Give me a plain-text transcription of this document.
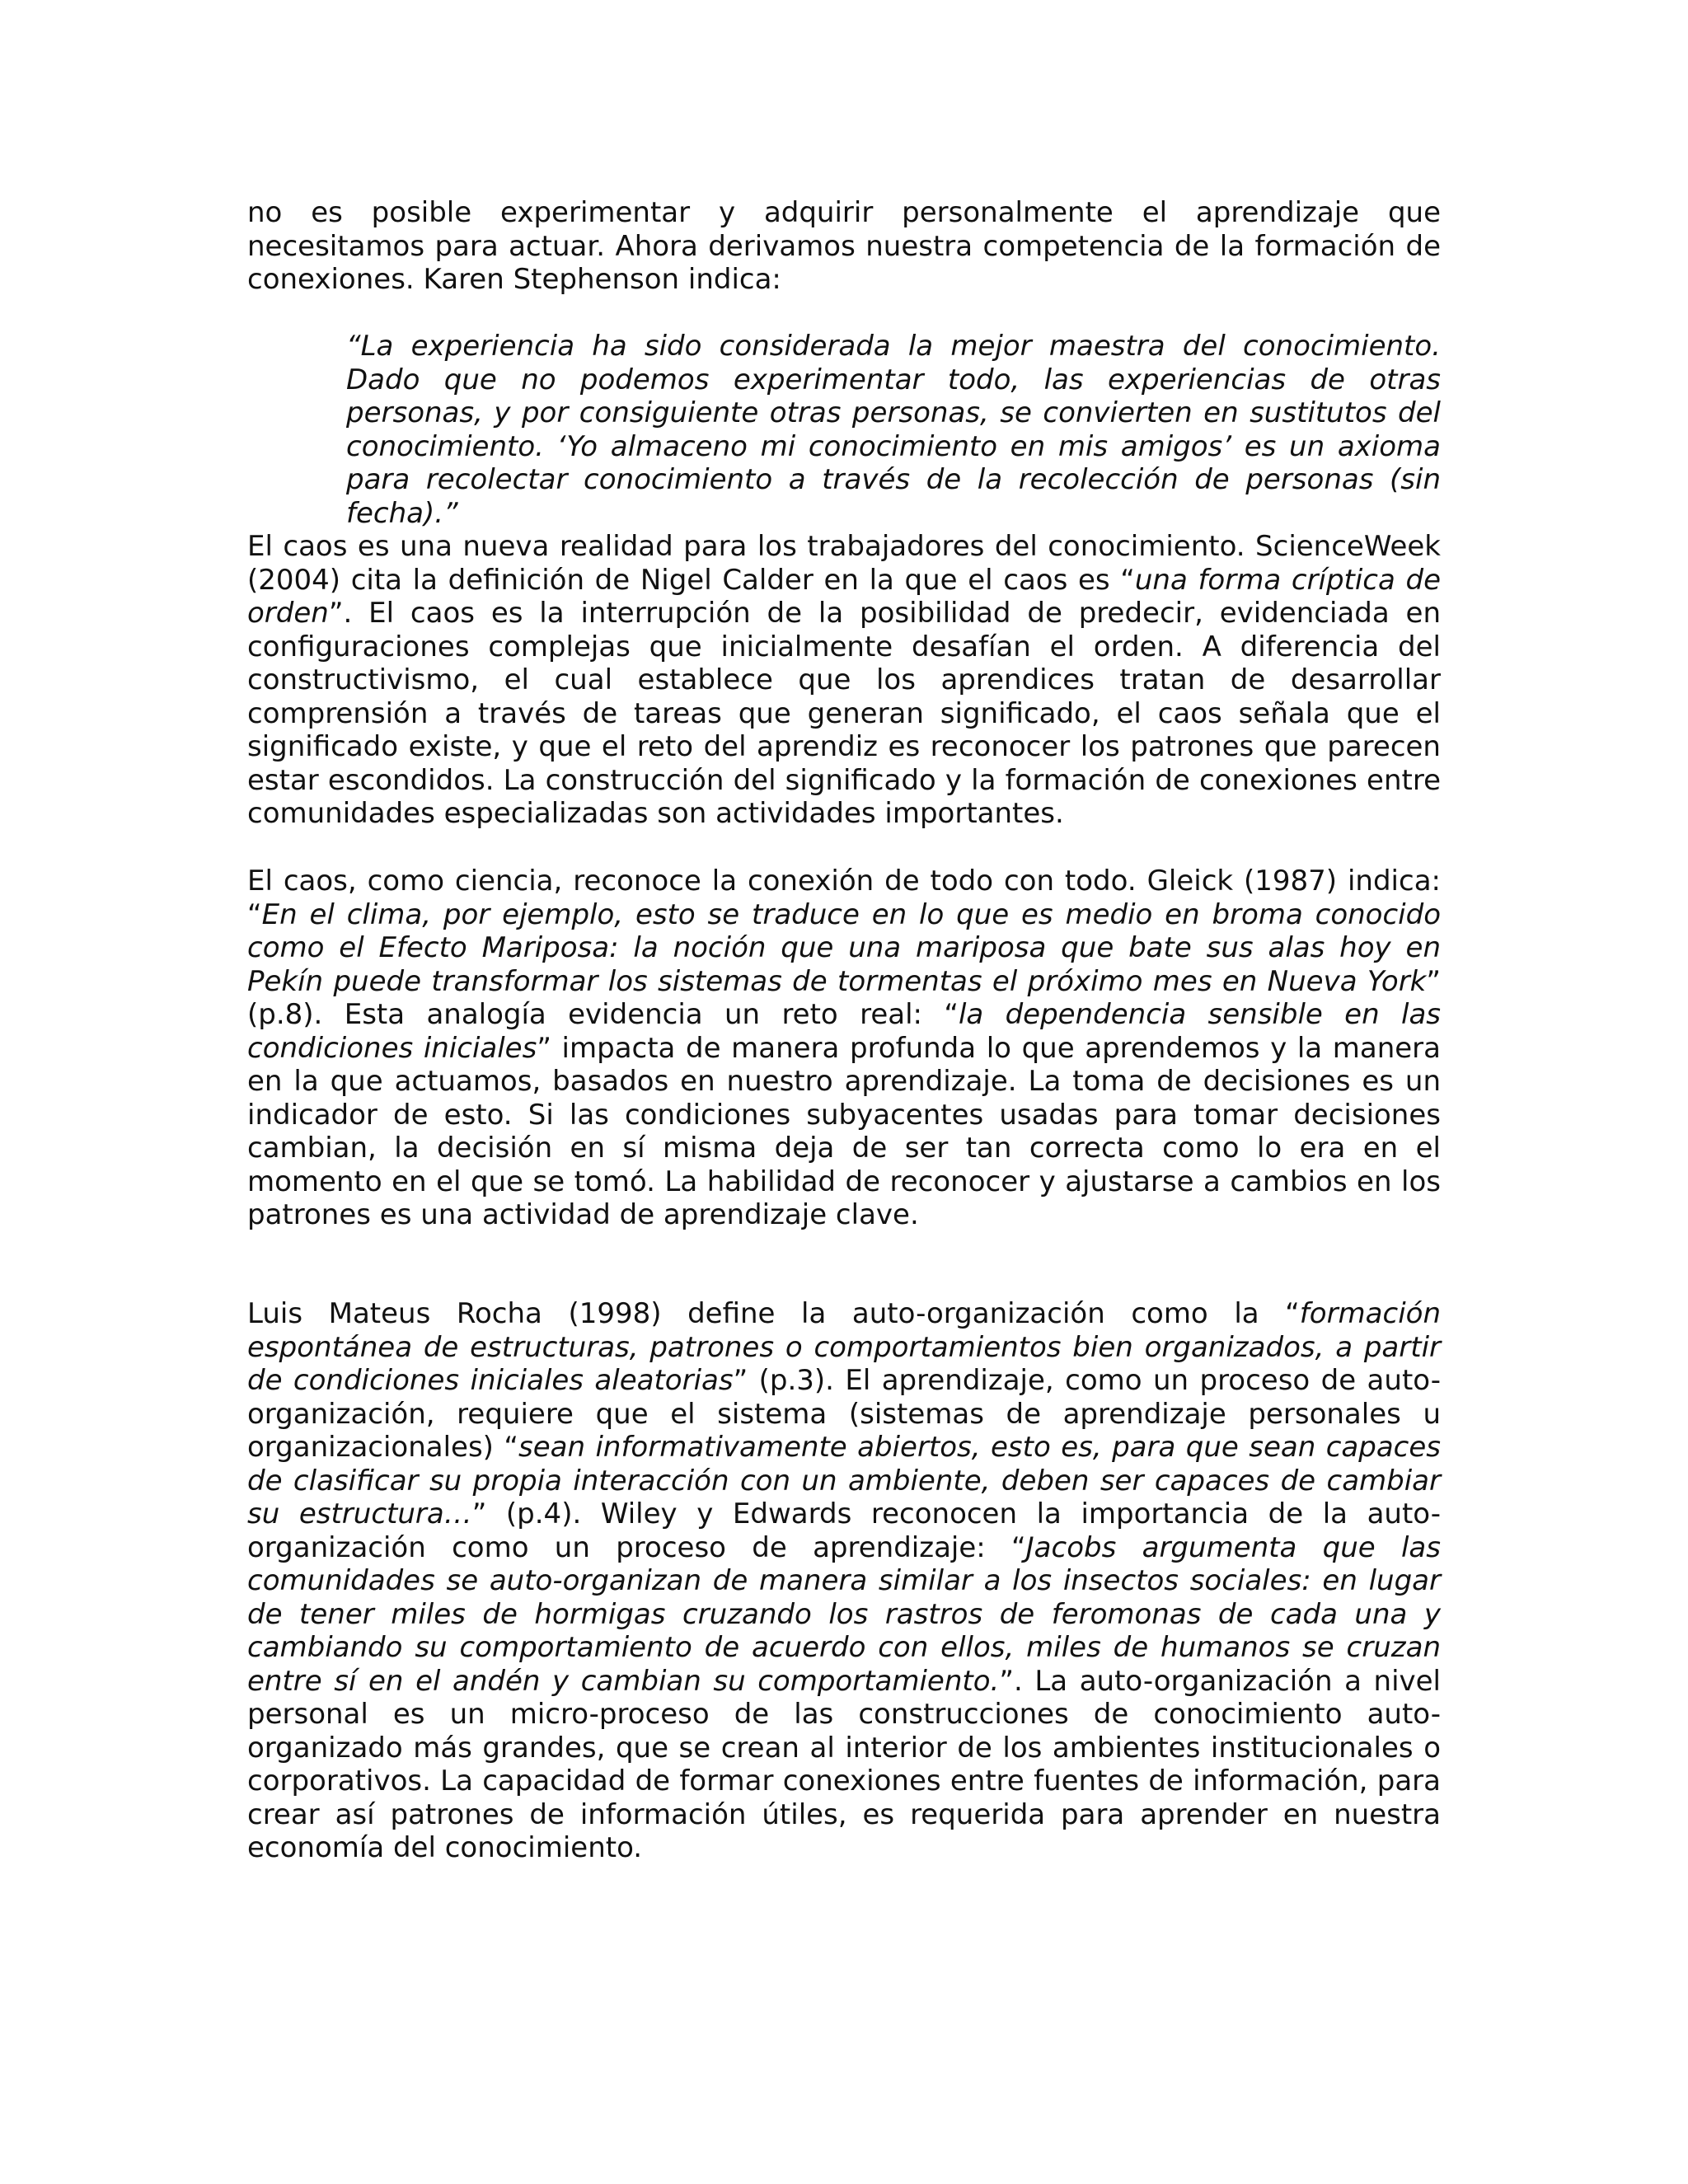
no es posible experimentar y adquirir personalmente el aprendizaje que necesitamos para actuar. Ahora derivamos nuestra competencia de la formación de conexiones. Karen Stephenson indica:

“La experiencia ha sido considerada la mejor maestra del conocimiento. Dado que no podemos experimentar todo, las experiencias de otras personas, y por consiguiente otras personas, se convierten en sustitutos del conocimiento. ‘Yo almaceno mi conocimiento en mis amigos’ es un axioma para recolectar conocimiento a través de la recolección de personas (sin fecha).”

El caos es una nueva realidad para los trabajadores del conocimiento. ScienceWeek (2004) cita la definición de Nigel Calder en la que el caos es “una forma críptica de orden”. El caos es la interrupción de la posibilidad de predecir, evidenciada en configuraciones complejas que inicialmente desafían el orden. A diferencia del constructivismo, el cual establece que los aprendices tratan de desarrollar comprensión a través de tareas que generan significado, el caos señala que el significado existe, y que el reto del aprendiz es reconocer los patrones que parecen estar escondidos. La construcción del significado y la formación de conexiones entre comunidades especializadas son actividades importantes.

El caos, como ciencia, reconoce la conexión de todo con todo. Gleick (1987) indica: “En el clima, por ejemplo, esto se traduce en lo que es medio en broma conocido como el Efecto Mariposa: la noción que una mariposa que bate sus alas hoy en Pekín puede transformar los sistemas de tormentas el próximo mes en Nueva York” (p.8). Esta analogía evidencia un reto real: “la dependencia sensible en las condiciones iniciales” impacta de manera profunda lo que aprendemos y la manera en la que actuamos, basados en nuestro aprendizaje. La toma de decisiones es un indicador de esto. Si las condiciones subyacentes usadas para tomar decisiones cambian, la decisión en sí misma deja de ser tan correcta como lo era en el momento en el que se tomó. La habilidad de reconocer y ajustarse a cambios en los patrones es una actividad de aprendizaje clave.

Luis Mateus Rocha (1998) define la auto-organización como la “formación espontánea de estructuras, patrones o comportamientos bien organizados, a partir de condiciones iniciales aleatorias” (p.3). El aprendizaje, como un proceso de auto-organización, requiere que el sistema (sistemas de aprendizaje personales u organizacionales) “sean informativamente abiertos, esto es, para que sean capaces de clasificar su propia interacción con un ambiente, deben ser capaces de cambiar su estructura…” (p.4). Wiley y Edwards reconocen la importancia de la auto-organización como un proceso de aprendizaje: “Jacobs argumenta que las comunidades se auto-organizan de manera similar a los insectos sociales: en lugar de tener miles de hormigas cruzando los rastros de feromonas de cada una y cambiando su comportamiento de acuerdo con ellos, miles de humanos se cruzan entre sí en el andén y cambian su comportamiento.”. La auto-organización a nivel personal es un micro-proceso de las construcciones de conocimiento auto-organizado más grandes, que se crean al interior de los ambientes institucionales o corporativos. La capacidad de formar conexiones entre fuentes de información, para crear así patrones de información útiles, es requerida para aprender en nuestra economía del conocimiento.
